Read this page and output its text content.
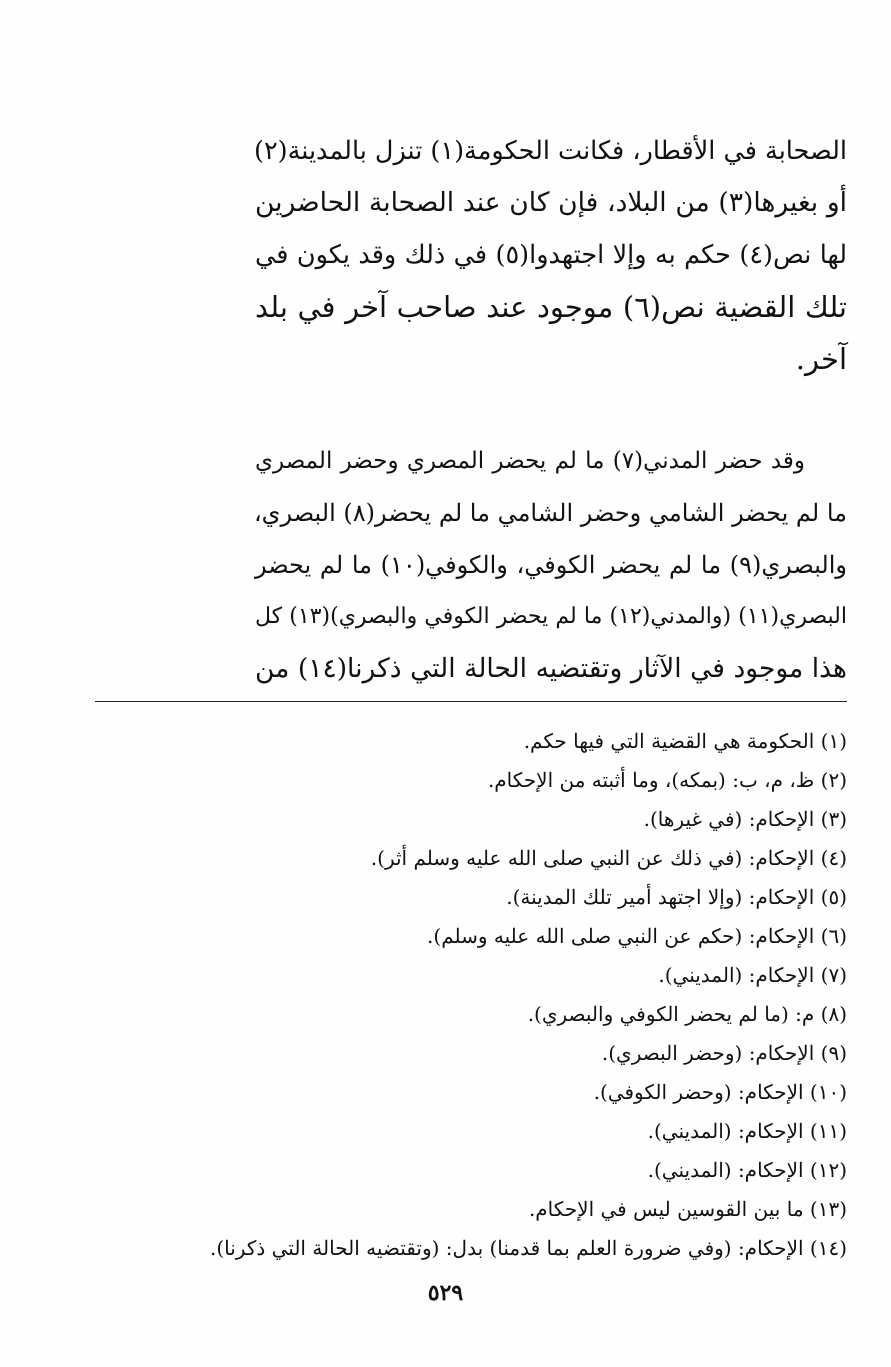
الصحابة في الأقطار، فكانت الحكومة(١) تنزل بالمدينة(٢)
أو بغيرها(٣) من البلاد، فإن كان عند الصحابة الحاضرين
لها نص(٤) حكم به وإلا اجتهدوا(٥) في ذلك وقد يكون في
تلك القضية نص(٦) موجود عند صاحب آخر في بلد
آخر.
وقد حضر المدني(٧) ما لم يحضر المصري وحضر المصري
ما لم يحضر الشامي وحضر الشامي ما لم يحضر(٨) البصري،
والبصري(٩) ما لم يحضر الكوفي، والكوفي(١٠) ما لم يحضر
البصري(١١) (والمدني(١٢) ما لم يحضر الكوفي والبصري)(١٣) كل
هذا موجود في الآثار وتقتضيه الحالة التي ذكرنا(١٤) من
(١) الحكومة هي القضية التي فيها حكم.
(٢) ظ، م، ب: (بمكه)، وما أثبته من الإحكام.
(٣) الإحكام: (في غيرها).
(٤) الإحكام: (في ذلك عن النبي صلى الله عليه وسلم أثر).
(٥) الإحكام: (وإلا اجتهد أمير تلك المدينة).
(٦) الإحكام: (حكم عن النبي صلى الله عليه وسلم).
(٧) الإحكام: (المديني).
(٨) م: (ما لم يحضر الكوفي والبصري).
(٩) الإحكام: (وحضر البصري).
(١٠) الإحكام: (وحضر الكوفي).
(١١) الإحكام: (المديني).
(١٢) الإحكام: (المديني).
(١٣) ما بين القوسين ليس في الإحكام.
(١٤) الإحكام: (وفي ضرورة العلم بما قدمنا) بدل: (وتقتضيه الحالة التي ذكرنا).
٥٢٩
